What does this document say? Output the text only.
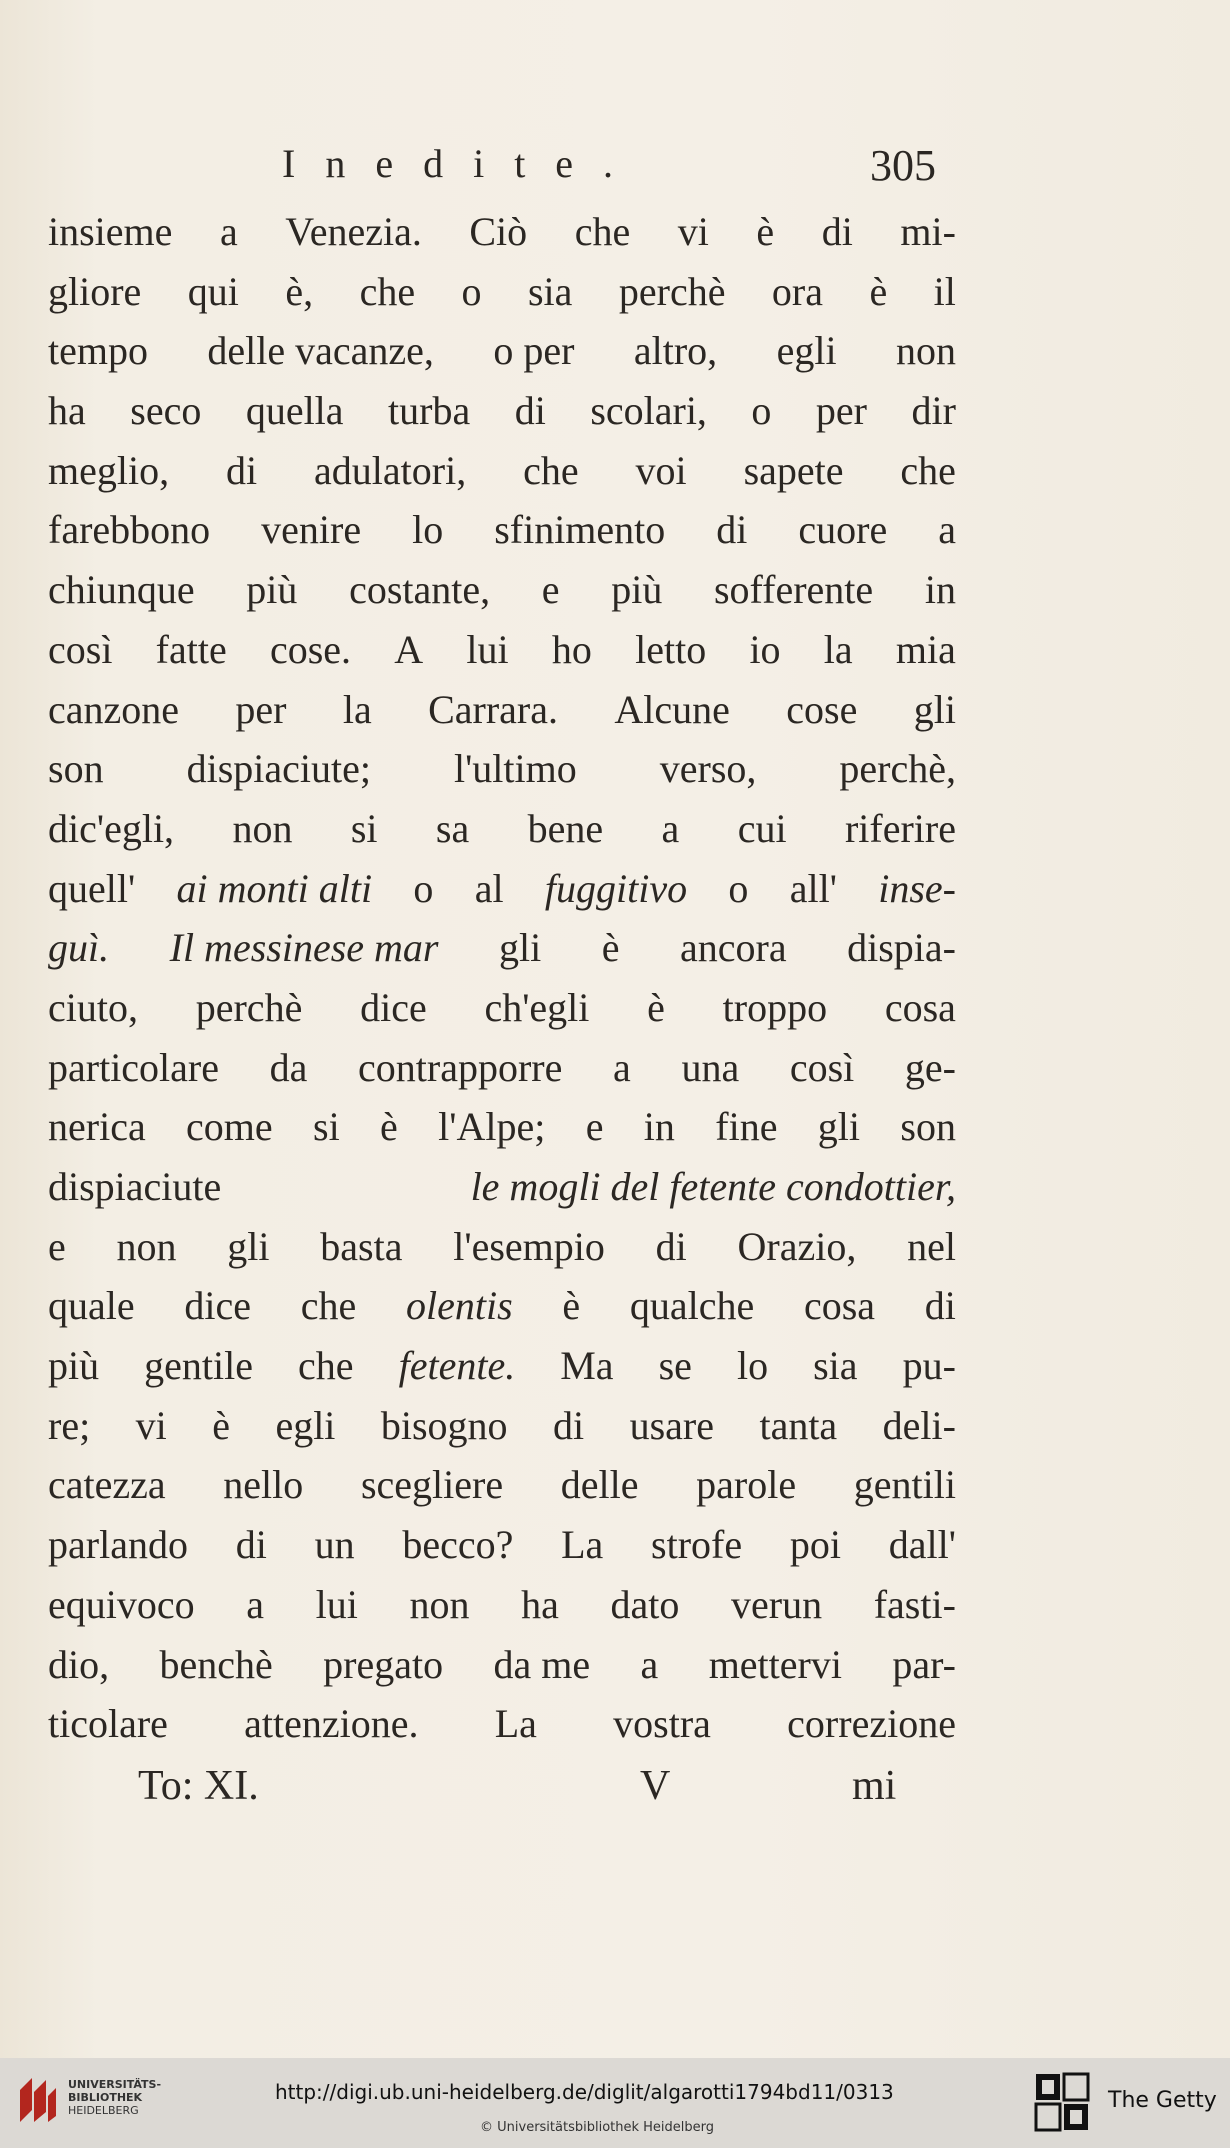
Inedite.	305
insieme a Venezia. Ciò che vi è di mi-
gliore qui è, che o sia perchè ora è il
tempo delle vacanze, o per altro, egli non
ha seco quella turba di scolari, o per dir
meglio, di adulatori, che voi sapete che
farebbono venire lo sfinimento di cuore a
chiunque più costante, e più sofferente in
così fatte cose. A lui ho letto io la mia
canzone per la Carrara. Alcune cose gli
son dispiaciute; l'ultimo verso, perchè,
dic'egli, non si sa bene a cui riferire
quell' ai monti alti o al fuggitivo o all' inse-
guì. Il messinese mar gli è ancora dispia-
ciuto, perchè dice ch'egli è troppo cosa
particolare da contrapporre a una così ge-
nerica come si è l'Alpe; e in fine gli son
dispiaciute	le mogli del fetente condottier,
e non gli basta l'esempio di Orazio, nel
quale dice che olentis è qualche cosa di
più gentile che fetente. Ma se lo sia pu-
re; vi è egli bisogno di usare tanta deli-
catezza nello scegliere delle parole gentili
parlando di un becco? La strofe poi dall'
equivoco a lui non ha dato verun fasti-
dio, benchè pregato da me a mettervi par-
ticolare attenzione. La vostra correzione
To: XI.	V	mi
UNIVERSITÄTS-
BIBLIOTHEK
HEIDELBERG
http://digi.ub.uni-heidelberg.de/diglit/algarotti1794bd11/0313
© Universitätsbibliothek Heidelberg
The Getty
